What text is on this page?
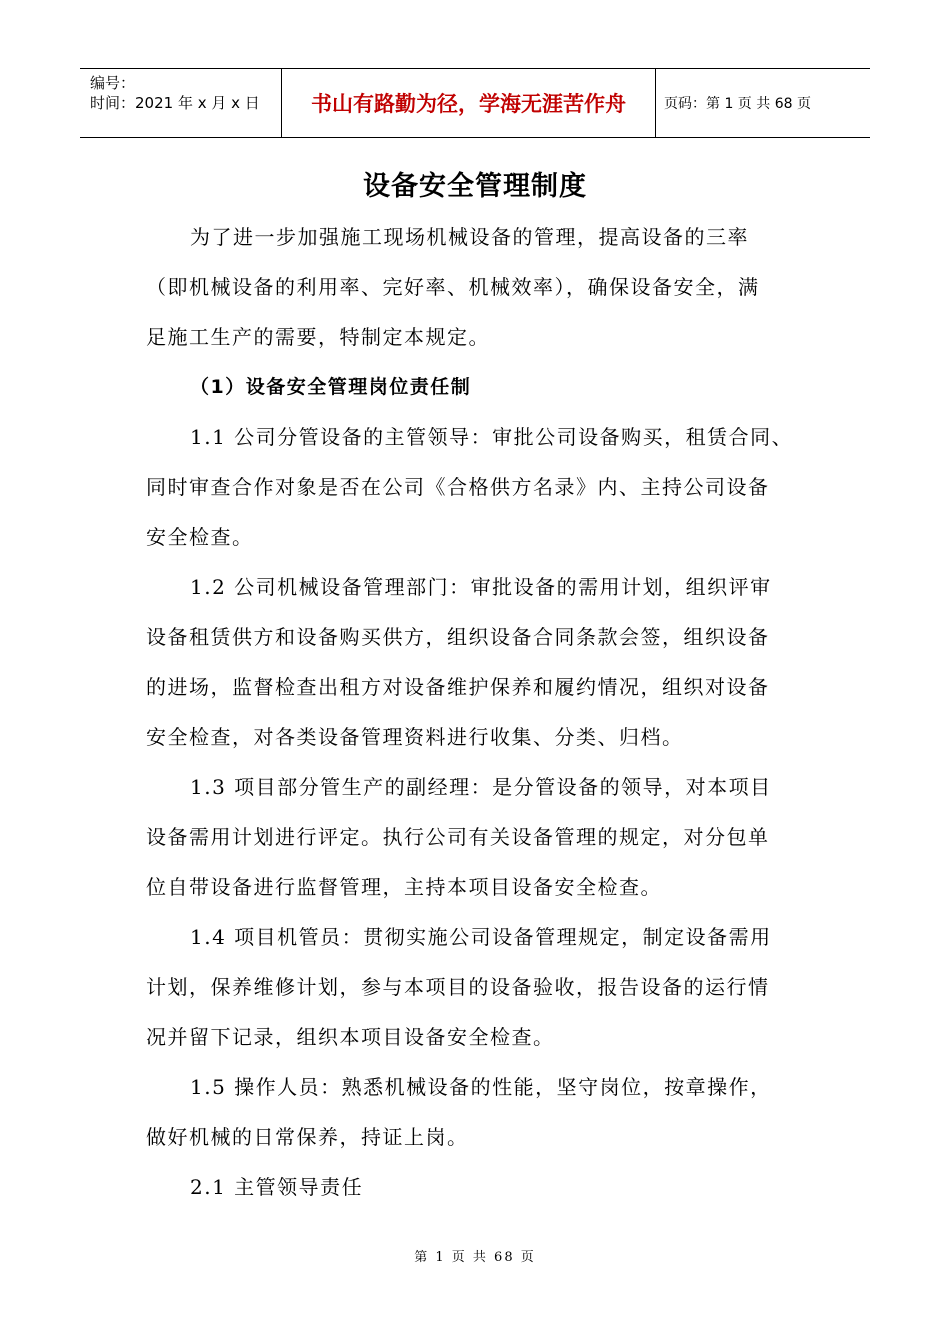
编号：
时间：2021 年 x 月 x 日	书山有路勤为径，学海无涯苦作舟	页码：第 1 页 共 68 页
设备安全管理制度
为了进一步加强施工现场机械设备的管理，提高设备的三率
（即机械设备的利用率、完好率、机械效率），确保设备安全，满
足施工生产的需要，特制定本规定。
（1）设备安全管理岗位责任制
1.1 公司分管设备的主管领导：审批公司设备购买，租赁合同、
同时审查合作对象是否在公司《合格供方名录》内、主持公司设备
安全检查。
1.2 公司机械设备管理部门：审批设备的需用计划，组织评审
设备租赁供方和设备购买供方，组织设备合同条款会签，组织设备
的进场，监督检查出租方对设备维护保养和履约情况，组织对设备
安全检查，对各类设备管理资料进行收集、分类、归档。
1.3 项目部分管生产的副经理：是分管设备的领导，对本项目
设备需用计划进行评定。执行公司有关设备管理的规定，对分包单
位自带设备进行监督管理，主持本项目设备安全检查。
1.4 项目机管员：贯彻实施公司设备管理规定，制定设备需用
计划，保养维修计划，参与本项目的设备验收，报告设备的运行情
况并留下记录，组织本项目设备安全检查。
1.5 操作人员：熟悉机械设备的性能，坚守岗位，按章操作，
做好机械的日常保养，持证上岗。
2.1 主管领导责任
第 1 页 共 68 页
